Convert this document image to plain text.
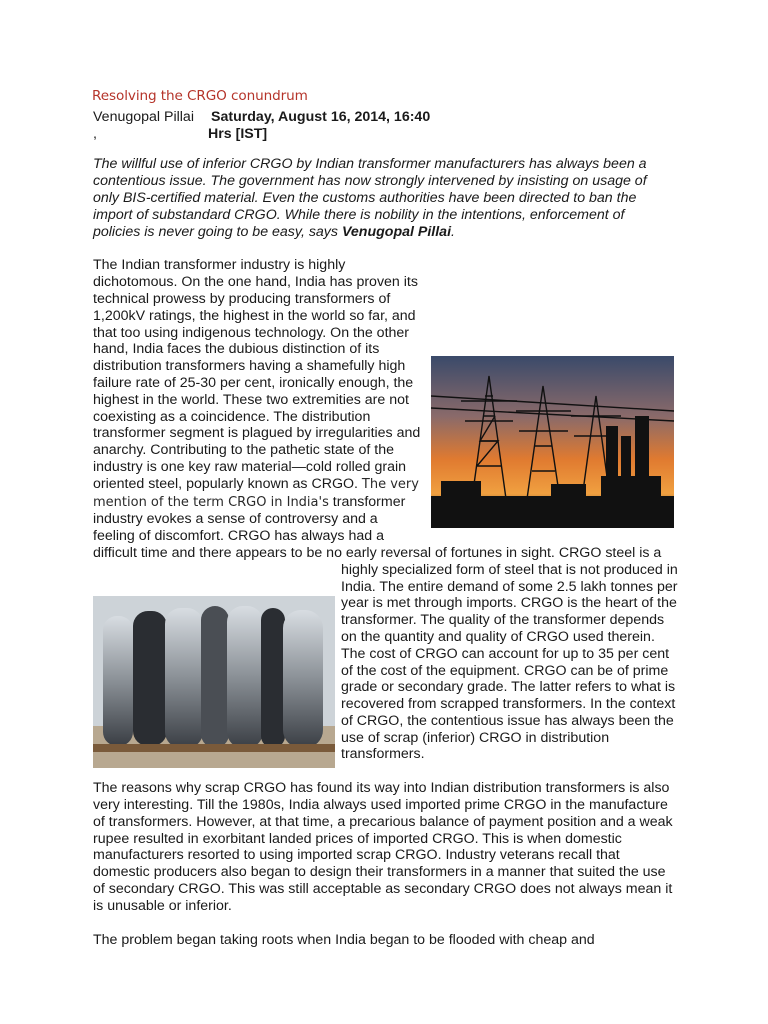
Resolving the CRGO conundrum
Venugopal Pillai
,
Saturday, August 16, 2014, 16:40
Hrs [IST]

The willful use of inferior CRGO by Indian transformer manufacturers has always been a contentious issue. The government has now strongly intervened by insisting on usage of only BIS-certified material. Even the customs authorities have been directed to ban the import of substandard CRGO. While there is nobility in the intentions, enforcement of policies is never going to be easy, says Venugopal Pillai.

The Indian transformer industry is highly dichotomous. On the one hand, India has proven its technical prowess by producing transformers of 1,200kV ratings, the highest in the world so far, and that too using indigenous technology. On the other hand, India faces the dubious distinction of its distribution transformers having a shamefully high failure rate of 25-30 per cent, ironically enough, the highest in the world. These two extremities are not coexisting as a coincidence. The distribution transformer segment is plagued by irregularities and anarchy. Contributing to the pathetic state of the industry is one key raw material—cold rolled grain oriented steel, popularly known as CRGO. The very mention of the term CRGO in India's transformer industry evokes a sense of controversy and a feeling of discomfort. CRGO has always had a difficult time and there appears to be no early reversal of fortunes in sight. CRGO steel is a highly specialized form of steel that is not produced in India. The entire demand of some 2.5 lakh tonnes per year is met through imports. CRGO is the heart of the transformer. The quality of the transformer depends on the quantity and quality of CRGO used therein. The cost of CRGO can account for up to 35 per cent of the cost of the equipment. CRGO can be of prime grade or secondary grade. The latter refers to what is recovered from scrapped transformers. In the context of CRGO, the contentious issue has always been the use of scrap (inferior) CRGO in distribution transformers.

The reasons why scrap CRGO has found its way into Indian distribution transformers is also very interesting. Till the 1980s, India always used imported prime CRGO in the manufacture of transformers. However, at that time, a precarious balance of payment position and a weak rupee resulted in exorbitant landed prices of imported CRGO. This is when domestic manufacturers resorted to using imported scrap CRGO. Industry veterans recall that domestic producers also began to design their transformers in a manner that suited the use of secondary CRGO. This was still acceptable as secondary CRGO does not always mean it is unusable or inferior.

The problem began taking roots when India began to be flooded with cheap and
